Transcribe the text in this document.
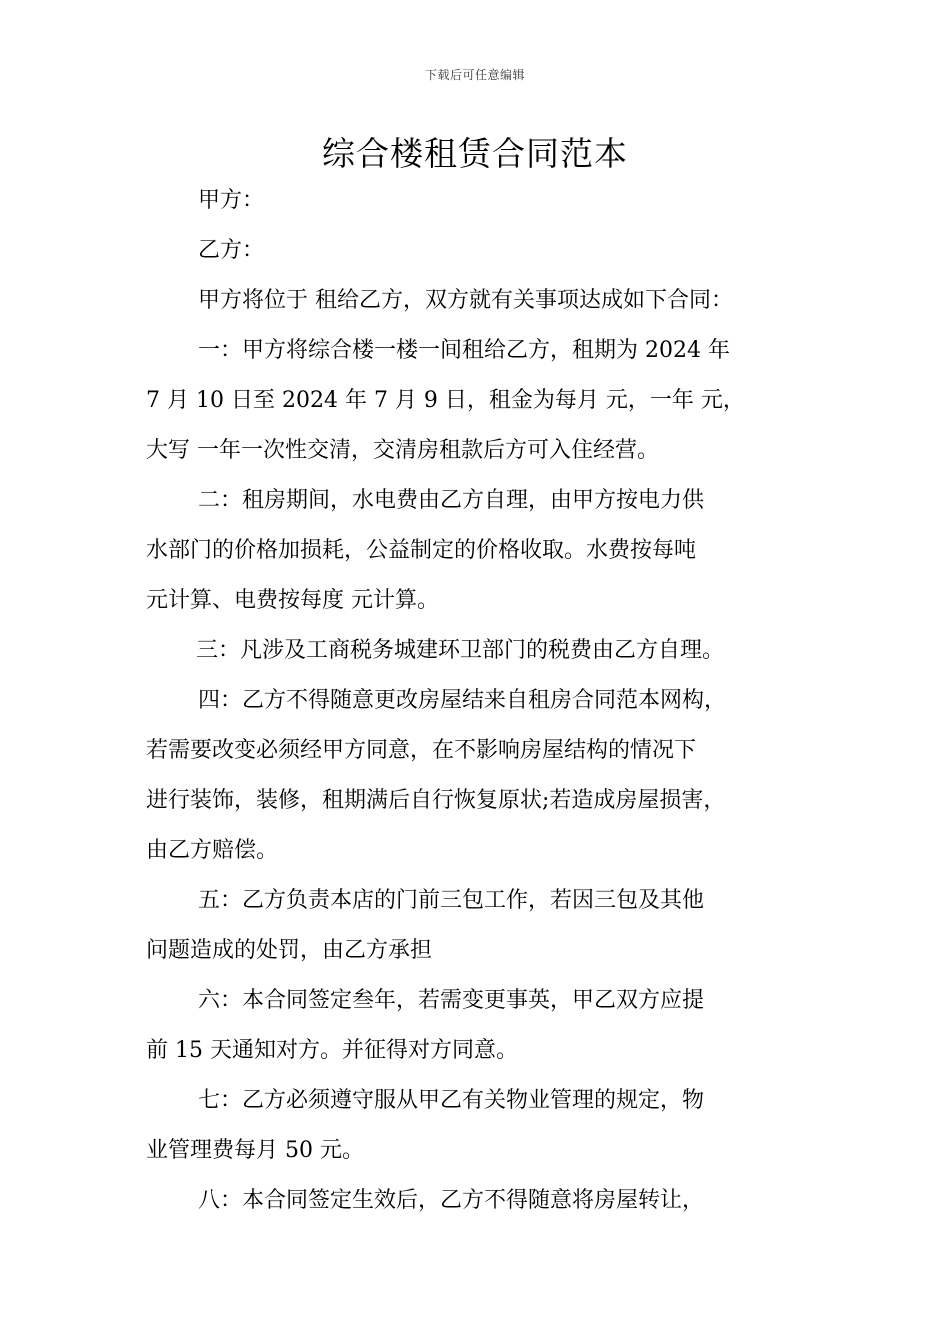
下载后可任意编辑
综合楼租赁合同范本
甲方：
乙方：
甲方将位于 租给乙方，双方就有关事项达成如下合同：
一：甲方将综合楼一楼一间租给乙方，租期为 2024 年
7 月 10 日至 2024 年 7 月 9 日，租金为每月 元，一年 元，
大写 一年一次性交清，交清房租款后方可入住经营。
二：租房期间，水电费由乙方自理，由甲方按电力供
水部门的价格加损耗，公益制定的价格收取。水费按每吨
元计算、电费按每度 元计算。
三：凡涉及工商税务城建环卫部门的税费由乙方自理。
四：乙方不得随意更改房屋结来自租房合同范本网构，
若需要改变必须经甲方同意，在不影响房屋结构的情况下
进行装饰，装修，租期满后自行恢复原状;若造成房屋损害，
由乙方赔偿。
五：乙方负责本店的门前三包工作，若因三包及其他
问题造成的处罚，由乙方承担
六：本合同签定叁年，若需变更事英，甲乙双方应提
前 15 天通知对方。并征得对方同意。
七：乙方必须遵守服从甲乙有关物业管理的规定，物
业管理费每月 50 元。
八：本合同签定生效后，乙方不得随意将房屋转让，
